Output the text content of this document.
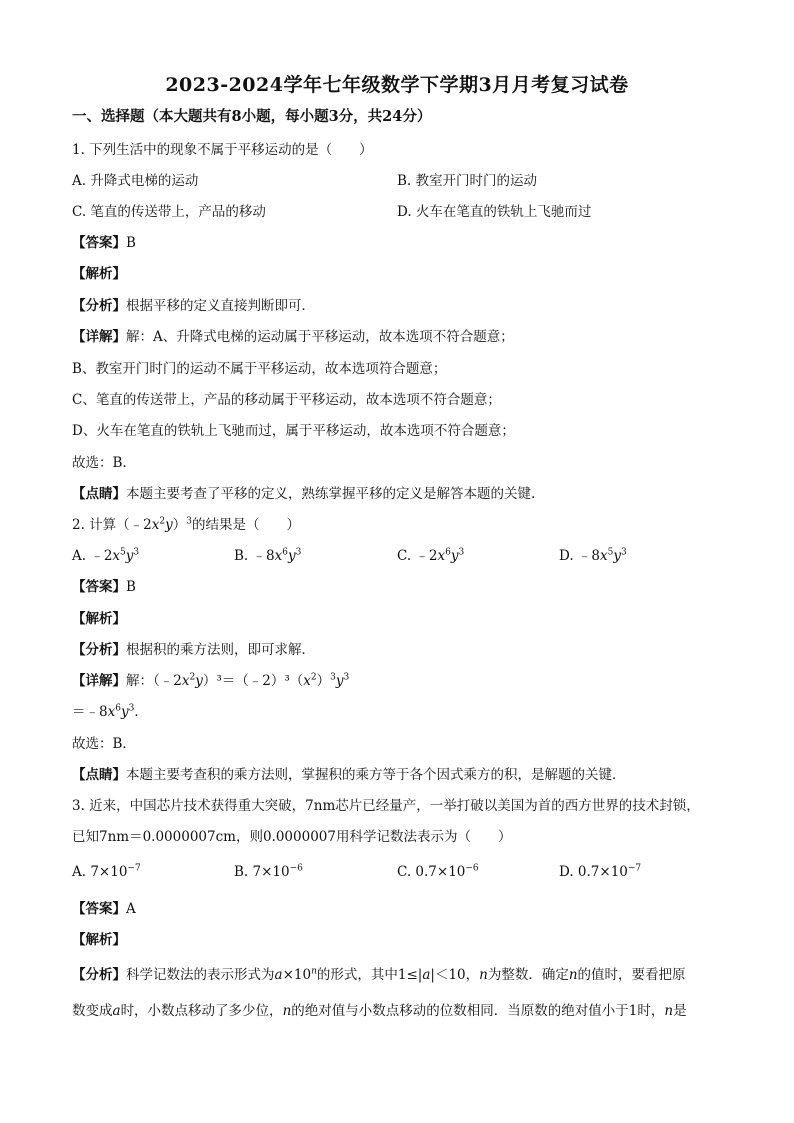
2023-2024学年七年级数学下学期3月月考复习试卷
一、选择题（本大题共有8小题，每小题3分，共24分）
1. 下列生活中的现象不属于平移运动的是（　　）
A. 升降式电梯的运动	B. 教室开门时门的运动
C. 笔直的传送带上，产品的移动	D. 火车在笔直的铁轨上飞驰而过
【答案】B
【解析】
【分析】根据平移的定义直接判断即可．
【详解】解：A、升降式电梯的运动属于平移运动，故本选项不符合题意；
B、教室开门时门的运动不属于平移运动，故本选项符合题意；
C、笔直的传送带上，产品的移动属于平移运动，故本选项不符合题意；
D、火车在笔直的铁轨上飞驰而过，属于平移运动，故本选项不符合题意；
故选：B.
【点睛】本题主要考查了平移的定义，熟练掌握平移的定义是解答本题的关键.
2. 计算$(﹣2x^2y)^3$的结果是（　　）
A. $﹣2x^5y^3$	B. $﹣8x^6y^3$	C. $﹣2x^6y^3$	D. $﹣8x^5y^3$
【答案】B
【解析】
【分析】根据积的乘方法则，即可求解．
【详解】解：$(﹣2x^2y)^3=(﹣2)^3(x^2)^3y^3$
$=﹣8x^6y^3$．
故选：B．
【点睛】本题主要考查积的乘方法则，掌握积的乘方等于各个因式乘方的积，是解题的关键．
3. 近来，中国芯片技术获得重大突破，7nm芯片已经量产，一举打破以美国为首的西方世界的技术封锁，
已知7nm＝0.0000007cm，则0.0000007用科学记数法表示为（　　）
A. $7\times 10^{-7}$	B. $7\times 10^{-6}$	C. $0.7\times 10^{-6}$	D. $0.7\times 10^{-7}$
【答案】A
【解析】
【分析】科学记数法的表示形式为$a\times 10^n$的形式，其中1≤|a|＜10，n为整数．确定n的值时，要看把原
数变成a时，小数点移动了多少位，n的绝对值与小数点移动的位数相同．当原数的绝对值小于1时，n是
